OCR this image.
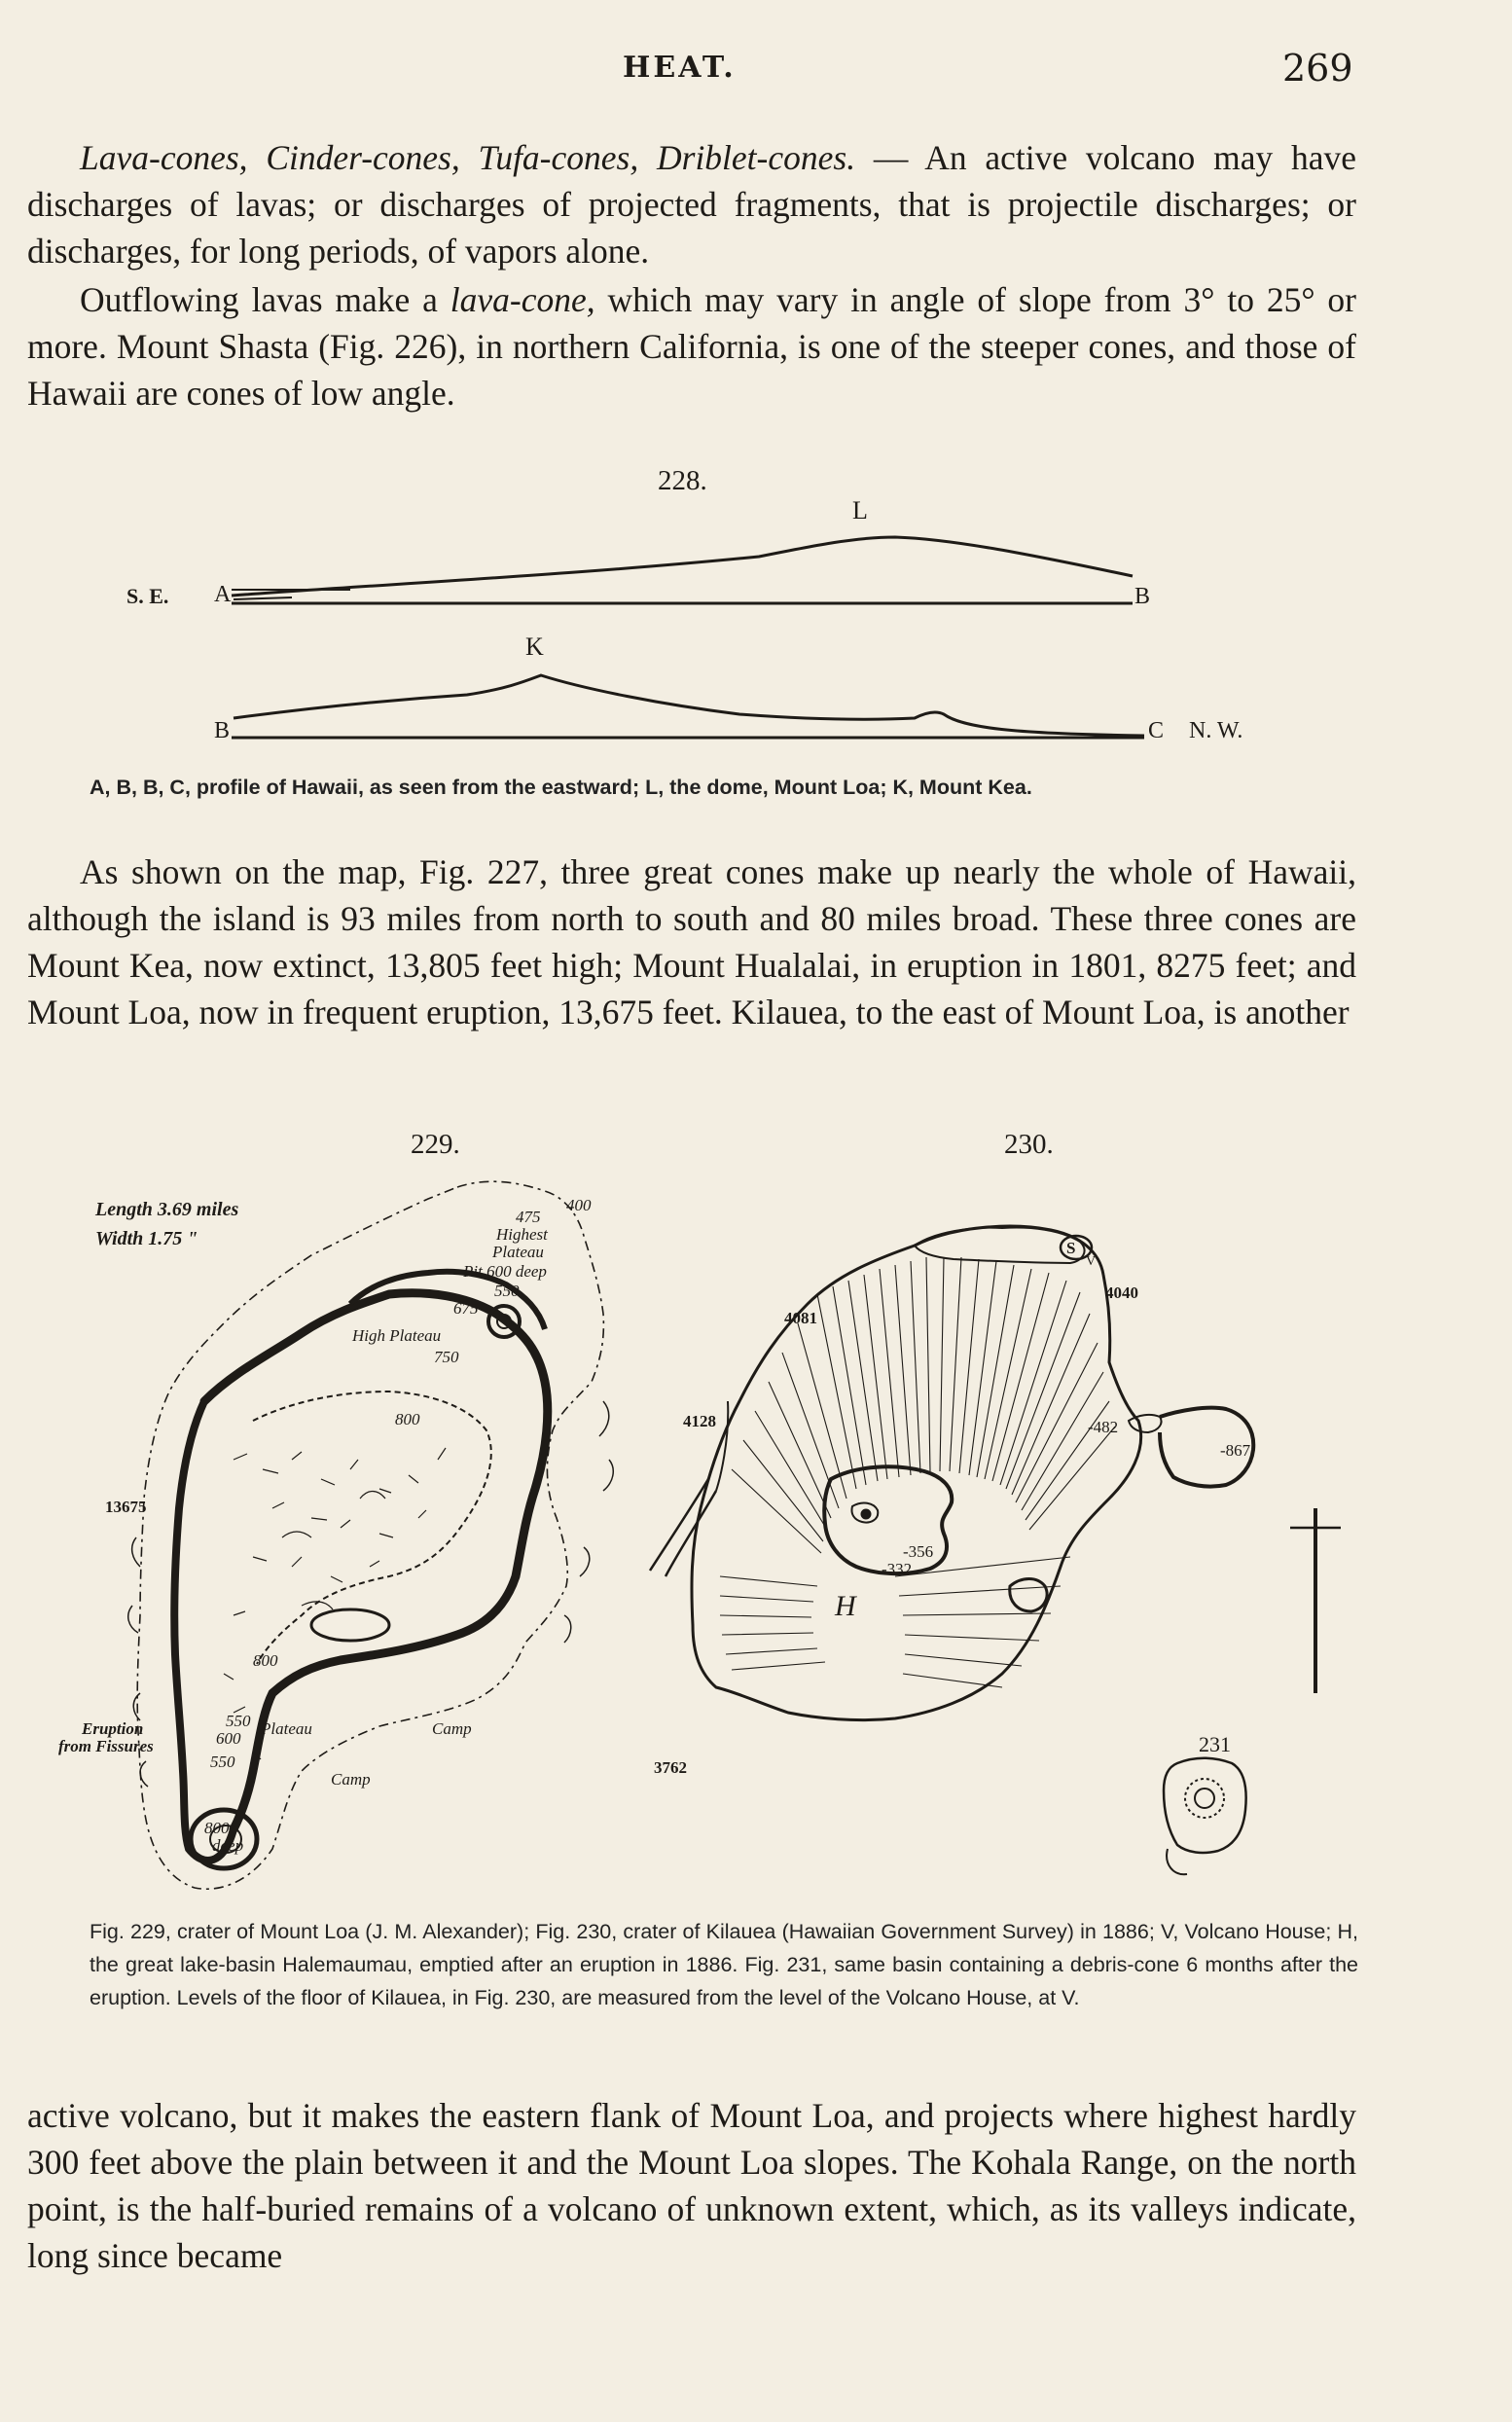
HEAT.	269

Lava-cones, Cinder-cones, Tufa-cones, Driblet-cones. — An active volcano may have discharges of lavas; or discharges of projected fragments, that is projectile discharges; or discharges, for long periods, of vapors alone.

Outflowing lavas make a lava-cone, which may vary in angle of slope from 3° to 25° or more. Mount Shasta (Fig. 226), in northern California, is one of the steeper cones, and those of Hawaii are cones of low angle.

228.
L
K
S. E. A	B
B	C N. W.

A, B, B, C, profile of Hawaii, as seen from the eastward; L, the dome, Mount Loa; K, Mount Kea.

As shown on the map, Fig. 227, three great cones make up nearly the whole of Hawaii, although the island is 93 miles from north to south and 80 miles broad. These three cones are Mount Kea, now extinct, 13,805 feet high; Mount Hualalai, in eruption in 1801, 8275 feet; and Mount Loa, now in frequent eruption, 13,675 feet. Kilauea, to the east of Mount Loa, is another

229.	230.
Length 3.69 miles
Width 1.75 "
475
400
Highest
Plateau
Pit 600 deep
550
675
High Plateau
750
800
13675
800
Eruption
from Fissures
550
600
Plateau
550
Camp
Camp
800
deep
S
V
4040
4081
4128	-482
-867
-356
-332
H
3762
231

Fig. 229, crater of Mount Loa (J. M. Alexander); Fig. 230, crater of Kilauea (Hawaiian Government Survey) in 1886; V, Volcano House; H, the great lake-basin Halemaumau, emptied after an eruption in 1886. Fig. 231, same basin containing a debris-cone 6 months after the eruption. Levels of the floor of Kilauea, in Fig. 230, are measured from the level of the Volcano House, at V.

active volcano, but it makes the eastern flank of Mount Loa, and projects where highest hardly 300 feet above the plain between it and the Mount Loa slopes. The Kohala Range, on the north point, is the half-buried remains of a volcano of unknown extent, which, as its valleys indicate, long since became
